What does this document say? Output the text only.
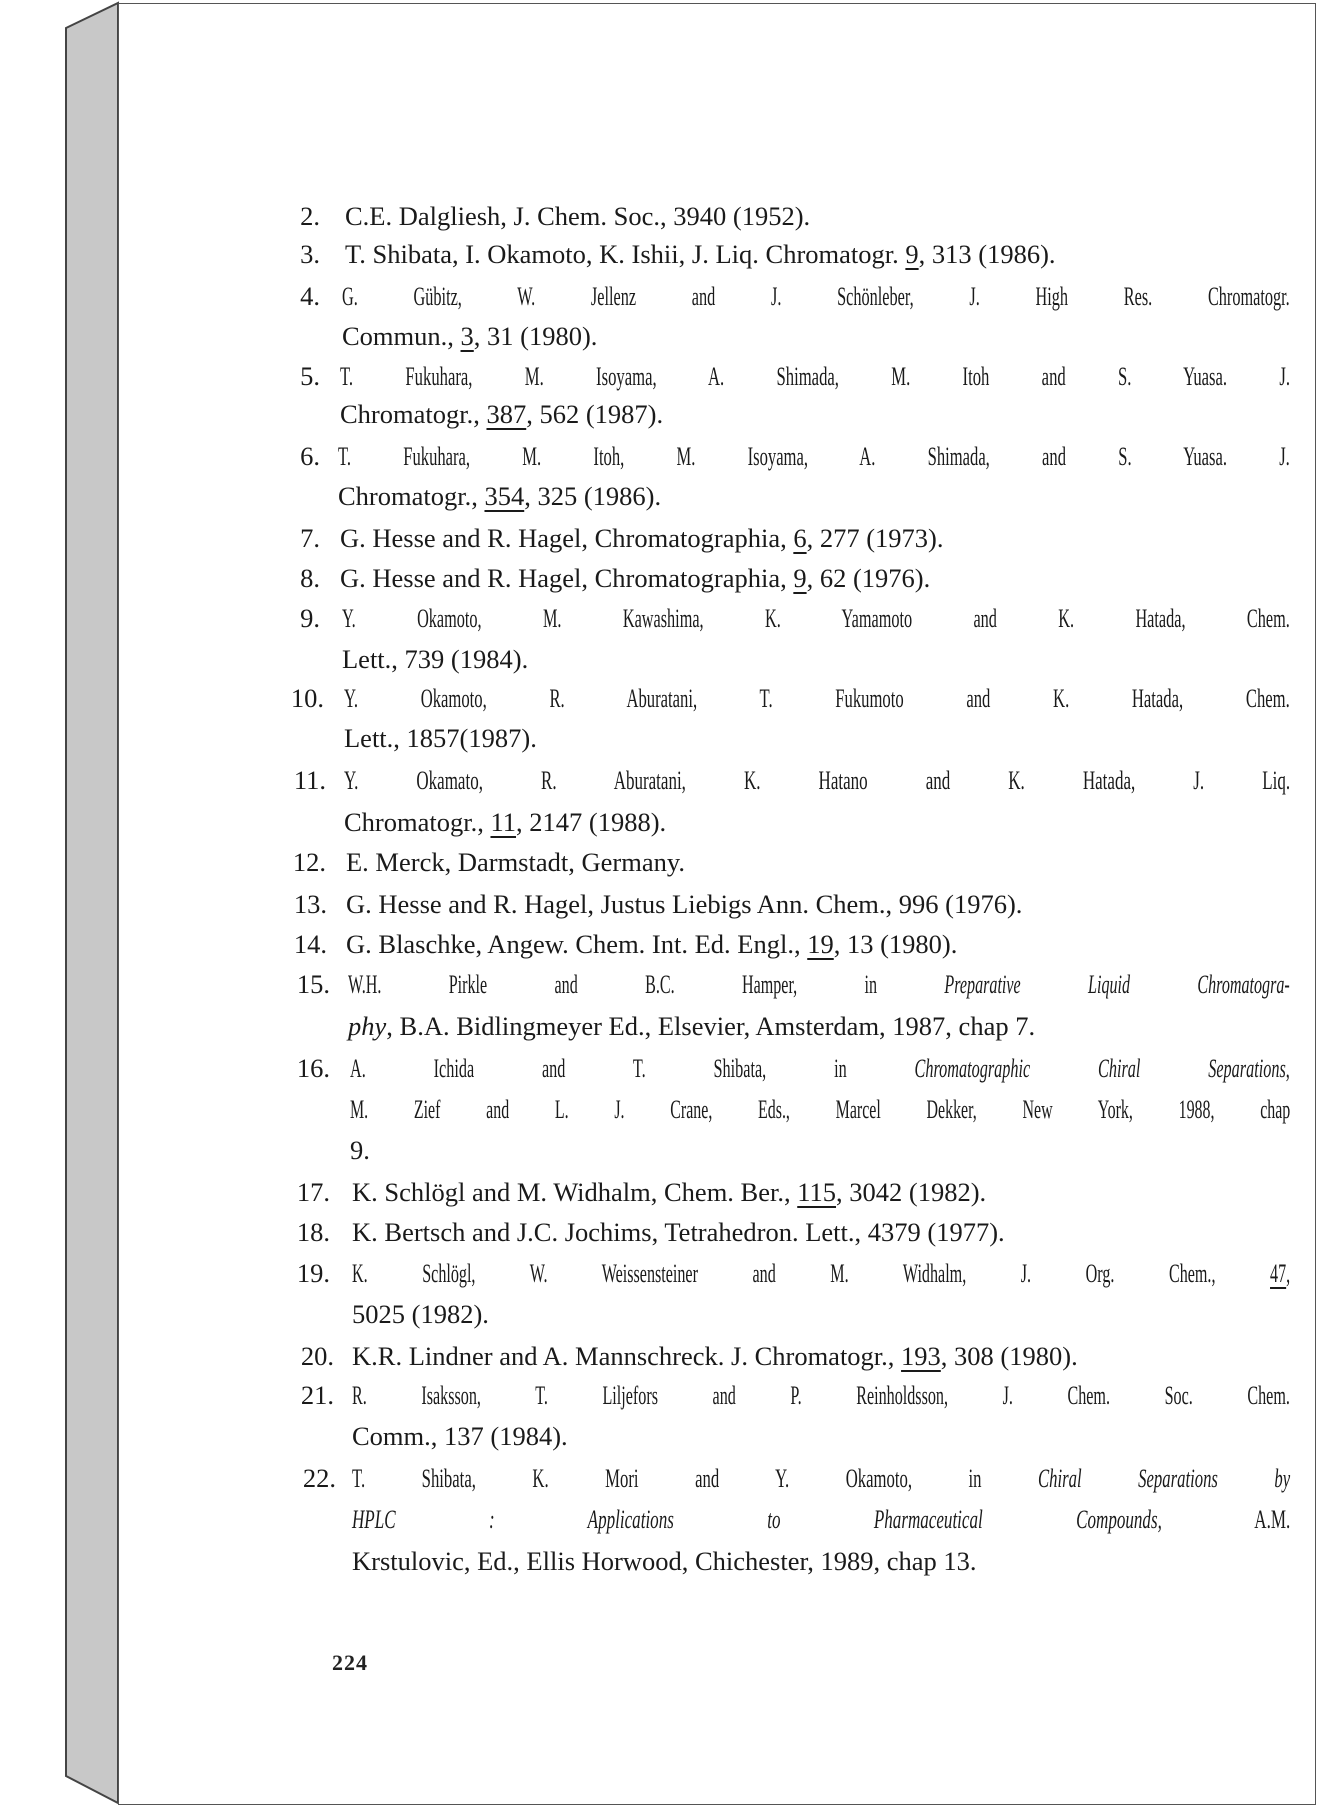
2. C.E. Dalgliesh, J. Chem. Soc., 3940 (1952).
3. T. Shibata, I. Okamoto, K. Ishii, J. Liq. Chromatogr. 9, 313 (1986).
4. G. Gübitz, W. Jellenz and J. Schönleber, J. High Res. Chromatogr.
Commun., 3, 31 (1980).
5. T. Fukuhara, M. Isoyama, A. Shimada, M. Itoh and S. Yuasa. J.
Chromatogr., 387, 562 (1987).
6. T. Fukuhara, M. Itoh, M. Isoyama, A. Shimada, and S. Yuasa. J.
Chromatogr., 354, 325 (1986).
7. G. Hesse and R. Hagel, Chromatographia, 6, 277 (1973).
8. G. Hesse and R. Hagel, Chromatographia, 9, 62 (1976).
9. Y. Okamoto, M. Kawashima, K. Yamamoto and K. Hatada, Chem.
Lett., 739 (1984).
10. Y. Okamoto, R. Aburatani, T. Fukumoto and K. Hatada, Chem.
Lett., 1857(1987).
11. Y. Okamato, R. Aburatani, K. Hatano and K. Hatada, J. Liq.
Chromatogr., 11, 2147 (1988).
12. E. Merck, Darmstadt, Germany.
13. G. Hesse and R. Hagel, Justus Liebigs Ann. Chem., 996 (1976).
14. G. Blaschke, Angew. Chem. Int. Ed. Engl., 19, 13 (1980).
15. W.H. Pirkle and B.C. Hamper, in Preparative Liquid Chromatogra-
phy, B.A. Bidlingmeyer Ed., Elsevier, Amsterdam, 1987, chap 7.
16. A. Ichida and T. Shibata, in Chromatographic Chiral Separations,
M. Zief and L. J. Crane, Eds., Marcel Dekker, New York, 1988, chap
9.
17. K. Schlögl and M. Widhalm, Chem. Ber., 115, 3042 (1982).
18. K. Bertsch and J.C. Jochims, Tetrahedron. Lett., 4379 (1977).
19. K. Schlögl, W. Weissensteiner and M. Widhalm, J. Org. Chem., 47,
5025 (1982).
20. K.R. Lindner and A. Mannschreck. J. Chromatogr., 193, 308 (1980).
21. R. Isaksson, T. Liljefors and P. Reinholdsson, J. Chem. Soc. Chem.
Comm., 137 (1984).
22. T. Shibata, K. Mori and Y. Okamoto, in Chiral Separations by
HPLC : Applications to Pharmaceutical Compounds, A.M.
Krstulovic, Ed., Ellis Horwood, Chichester, 1989, chap 13.
224
